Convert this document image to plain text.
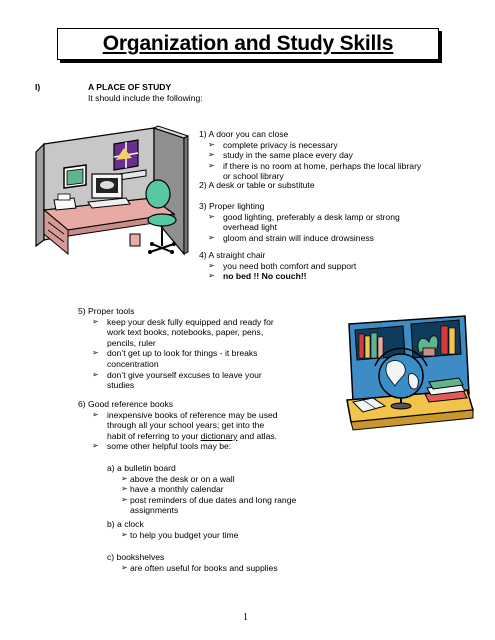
Organization and Study Skills
I)	A PLACE OF STUDY
It should include the following:
1) A door you can close
➢ complete privacy is necessary
➢ study in the same place every day
➢ if there is no room at home, perhaps the local library
or school library
2) A desk or table or substitute
3) Proper lighting
➢ good lighting, preferably a desk lamp or strong
overhead light
➢ gloom and strain will induce drowsiness
4) A straight chair
➢ you need both comfort and support
➢ no bed !! No couch!!
5) Proper tools
➢ keep your desk fully equipped and ready for
work text books, notebooks, paper, pens,
pencils, ruler
➢ don’t get up to look for things - it breaks
concentration
➢ don’t give yourself excuses to leave your
studies
6) Good reference books
➢ inexpensive books of reference may be used
through all your school years; get into the
habit of referring to your dictionary and atlas.
➢ some other helpful tools may be:
a) a bulletin board
➢ above the desk or on a wall
➢ have a monthly calendar
➢ post reminders of due dates and long range
assignments
b) a clock
➢ to help you budget your time
c) bookshelves
➢ are often useful for books and supplies
1
